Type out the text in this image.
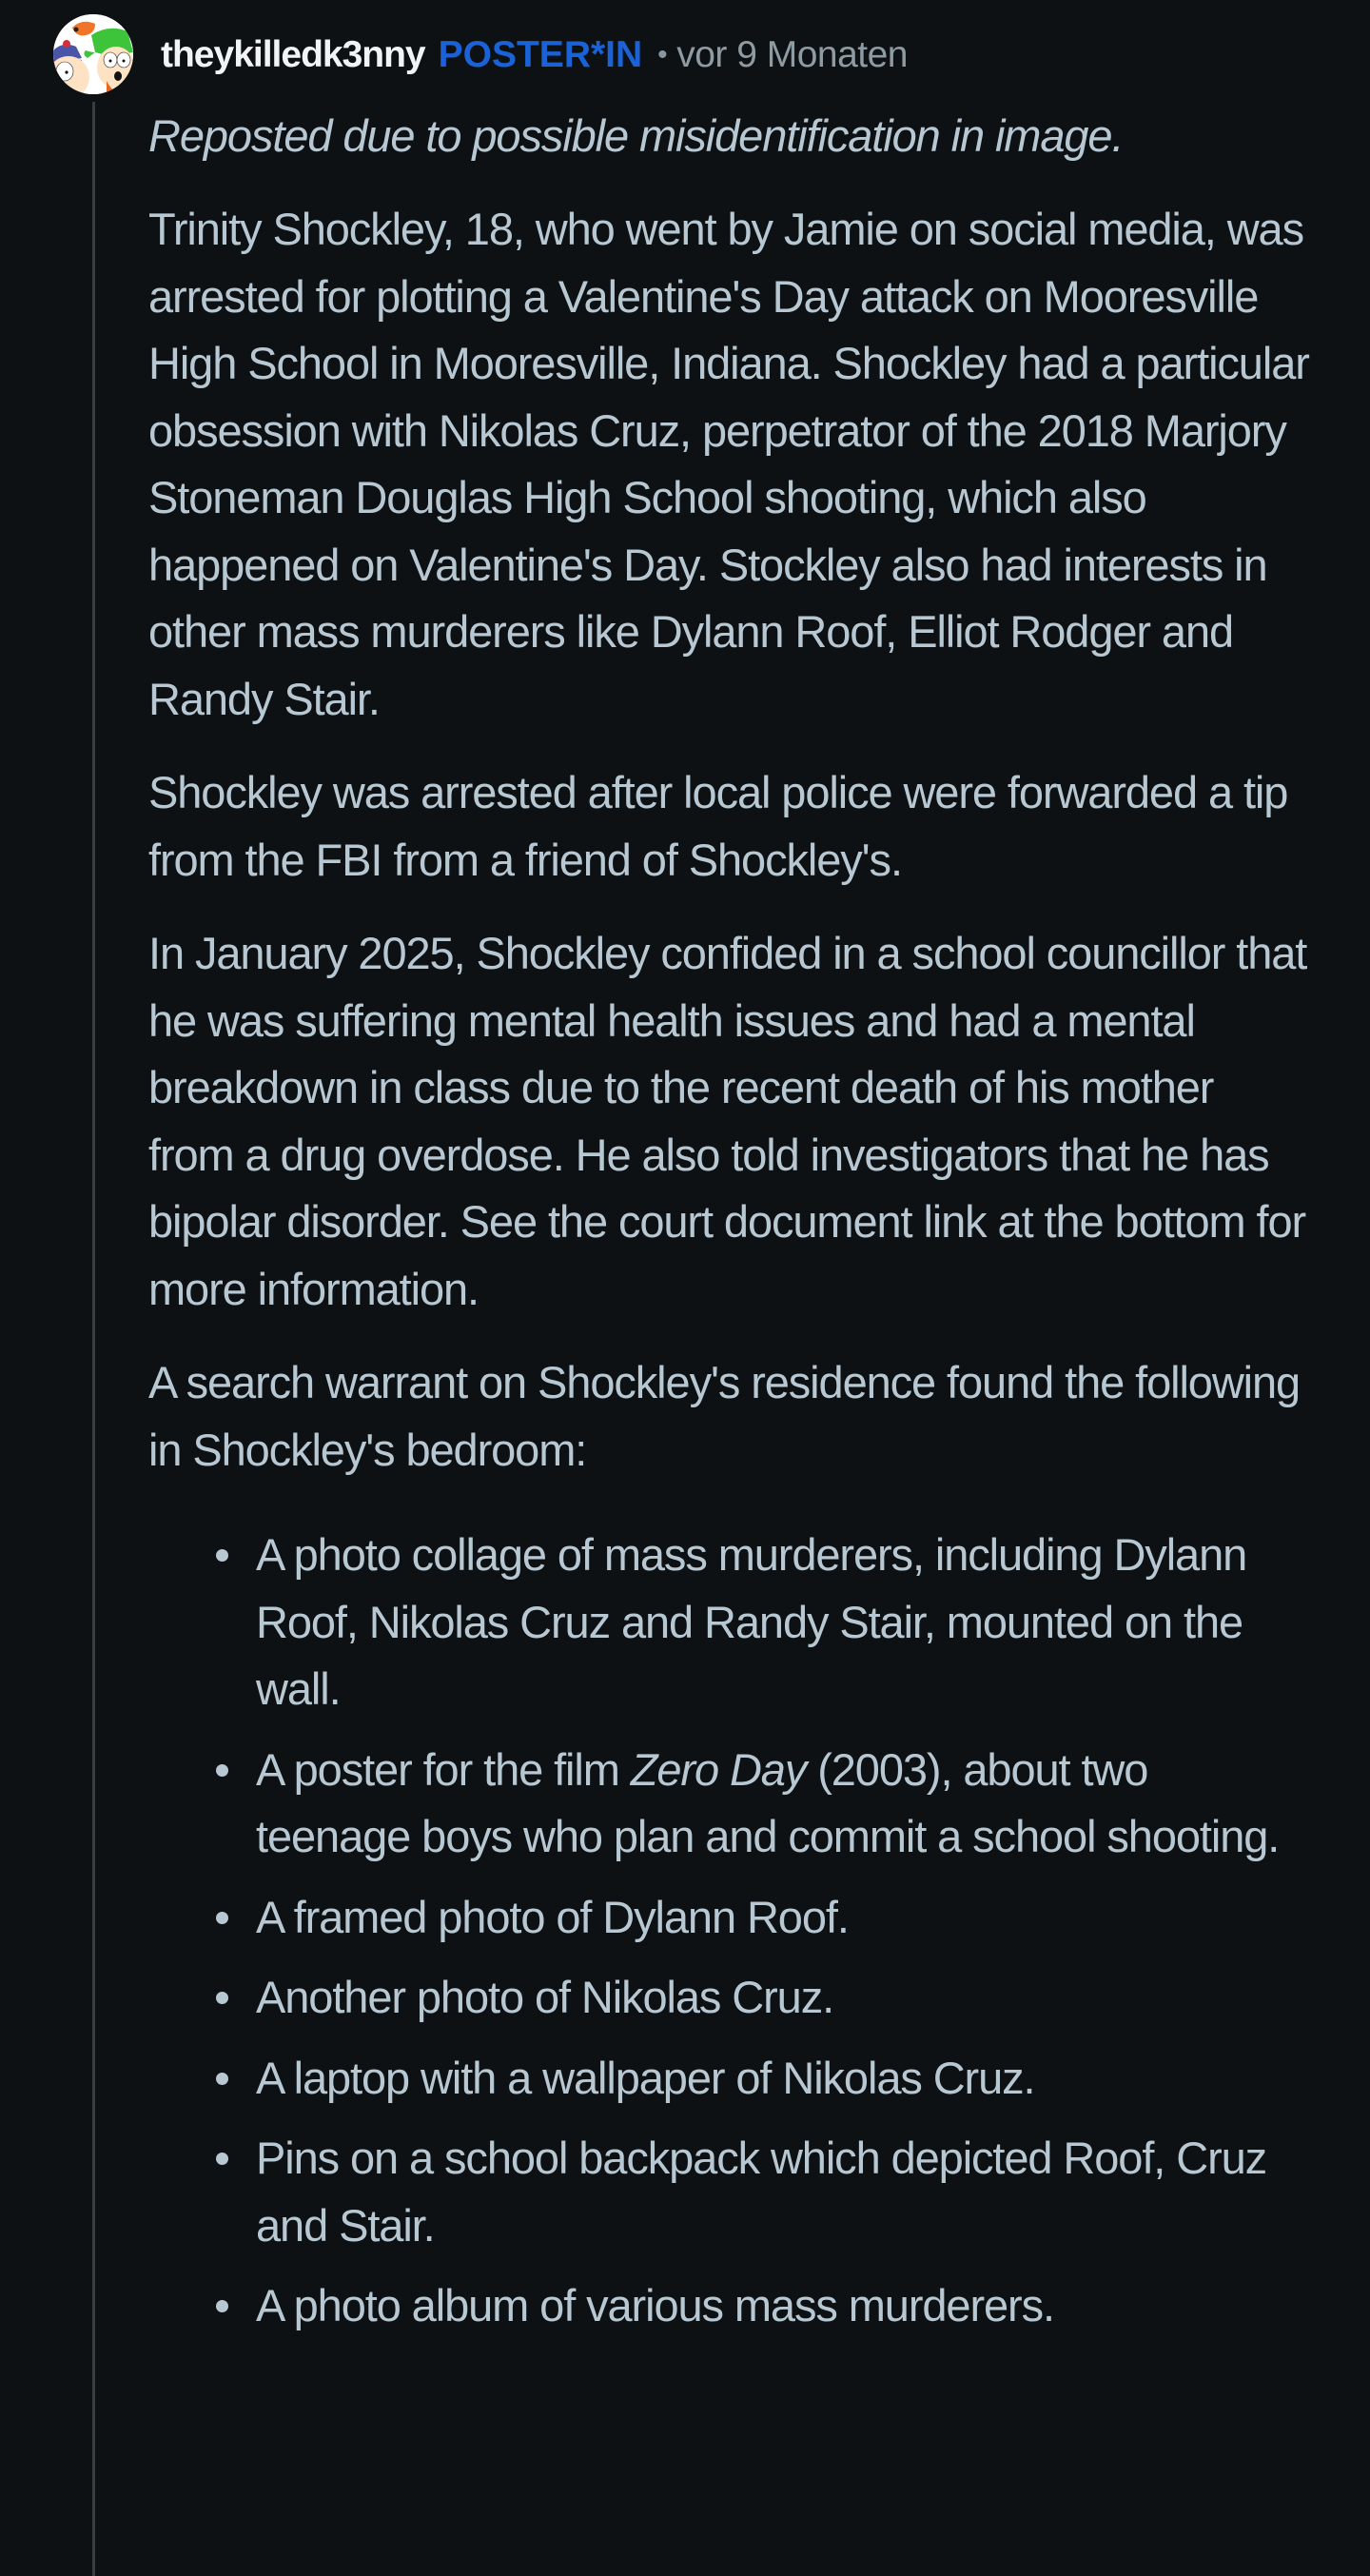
theykilledk3nny POSTER*IN • vor 9 Monaten

Reposted due to possible misidentification in image.

Trinity Shockley, 18, who went by Jamie on social media, was arrested for plotting a Valentine's Day attack on Mooresville High School in Mooresville, Indiana. Shockley had a particular obsession with Nikolas Cruz, perpetrator of the 2018 Marjory Stoneman Douglas High School shooting, which also happened on Valentine's Day. Stockley also had interests in other mass murderers like Dylann Roof, Elliot Rodger and Randy Stair.

Shockley was arrested after local police were forwarded a tip from the FBI from a friend of Shockley's.

In January 2025, Shockley confided in a school councillor that he was suffering mental health issues and had a mental breakdown in class due to the recent death of his mother from a drug overdose. He also told investigators that he has bipolar disorder. See the court document link at the bottom for more information.

A search warrant on Shockley's residence found the following in Shockley's bedroom:

A photo collage of mass murderers, including Dylann Roof, Nikolas Cruz and Randy Stair, mounted on the wall.
A poster for the film Zero Day (2003), about two teenage boys who plan and commit a school shooting.
A framed photo of Dylann Roof.
Another photo of Nikolas Cruz.
A laptop with a wallpaper of Nikolas Cruz.
Pins on a school backpack which depicted Roof, Cruz and Stair.
A photo album of various mass murderers.
